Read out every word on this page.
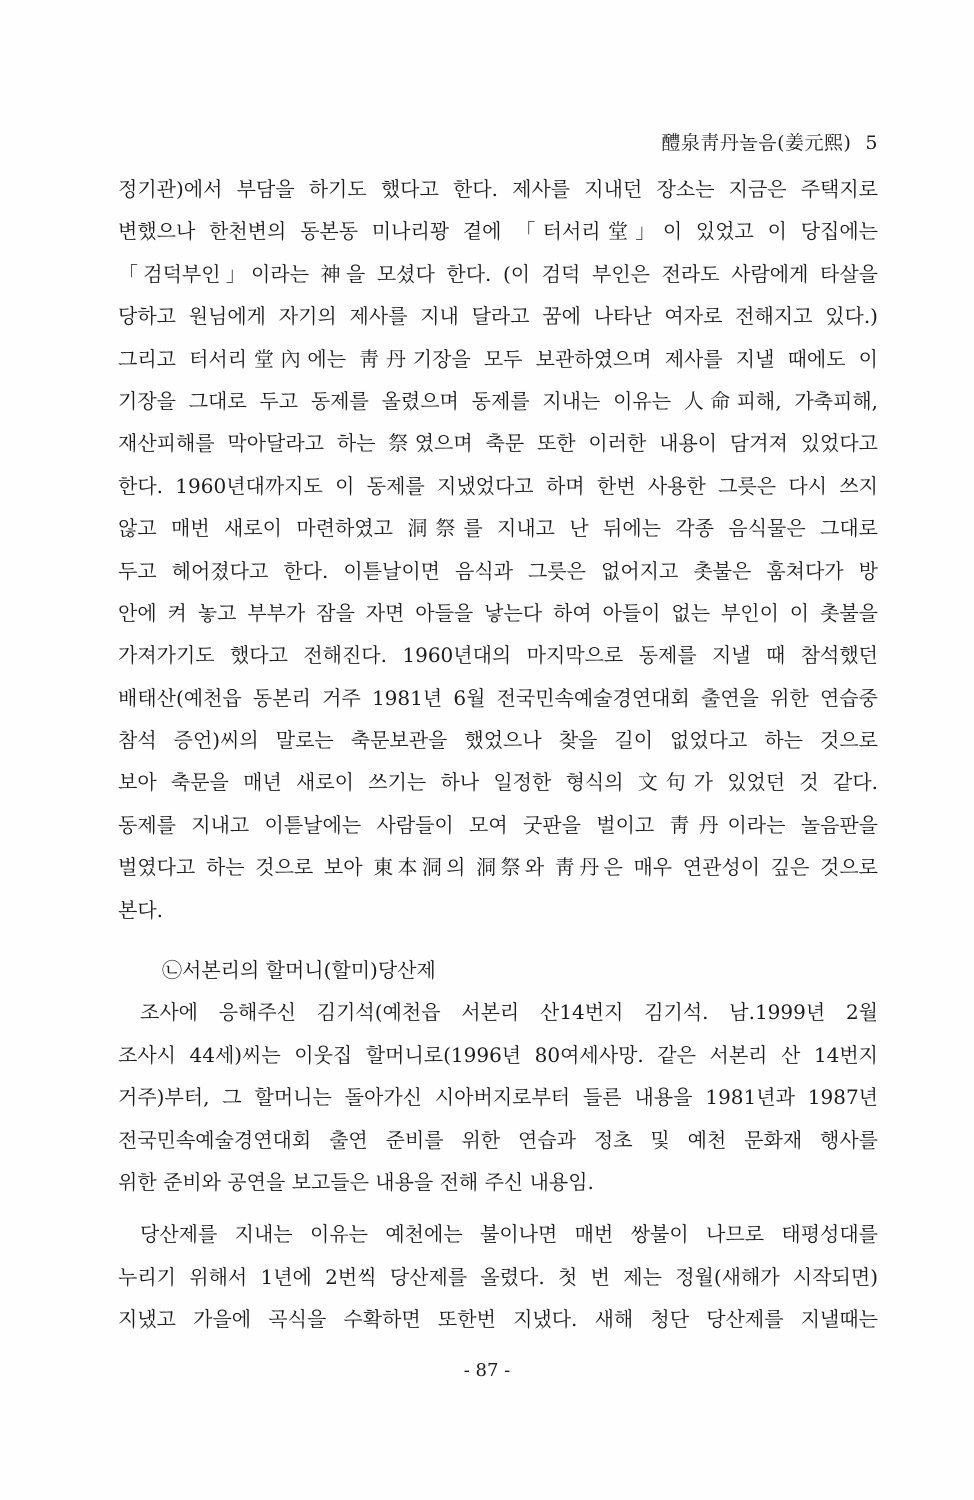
醴泉靑丹놀음(姜元熙) 5
정기관)에서 부담을 하기도 했다고 한다. 제사를 지내던 장소는 지금은 주택지로
변했으나 한천변의 동본동 미나리꽝 곁에 「터서리堂」이 있었고 이 당집에는
「검덕부인」이라는 神을 모셨다 한다. (이 검덕 부인은 전라도 사람에게 타살을
당하고 원님에게 자기의 제사를 지내 달라고 꿈에 나타난 여자로 전해지고 있다.)
그리고 터서리堂內에는 靑丹기장을 모두 보관하였으며 제사를 지낼 때에도 이
기장을 그대로 두고 동제를 올렸으며 동제를 지내는 이유는 人命피해, 가축피해,
재산피해를 막아달라고 하는 祭였으며 축문 또한 이러한 내용이 담겨져 있었다고
한다. 1960년대까지도 이 동제를 지냈었다고 하며 한번 사용한 그릇은 다시 쓰지
않고 매번 새로이 마련하였고 洞祭를 지내고 난 뒤에는 각종 음식물은 그대로
두고 헤어졌다고 한다. 이튿날이면 음식과 그릇은 없어지고 촛불은 훔쳐다가 방
안에 켜 놓고 부부가 잠을 자면 아들을 낳는다 하여 아들이 없는 부인이 이 촛불을
가져가기도 했다고 전해진다. 1960년대의 마지막으로 동제를 지낼 때 참석했던
배태산(예천읍 동본리 거주 1981년 6월 전국민속예술경연대회 출연을 위한 연습중
참석 증언)씨의 말로는 축문보관을 했었으나 찾을 길이 없었다고 하는 것으로
보아 축문을 매년 새로이 쓰기는 하나 일정한 형식의 文句가 있었던 것 같다.
동제를 지내고 이튿날에는 사람들이 모여 굿판을 벌이고 靑丹이라는 놀음판을
벌였다고 하는 것으로 보아 東本洞의 洞祭와 靑丹은 매우 연관성이 깊은 것으로
본다.
㉡서본리의 할머니(할미)당산제
조사에 응해주신 김기석(예천읍 서본리 산14번지 김기석. 남.1999년 2월
조사시 44세)씨는 이웃집 할머니로(1996년 80여세사망. 같은 서본리 산 14번지
거주)부터, 그 할머니는 돌아가신 시아버지로부터 들른 내용을 1981년과 1987년
전국민속예술경연대회 출연 준비를 위한 연습과 정초 및 예천 문화재 행사를
위한 준비와 공연을 보고들은 내용을 전해 주신 내용임.
당산제를 지내는 이유는 예천에는 불이나면 매번 쌍불이 나므로 태평성대를
누리기 위해서 1년에 2번씩 당산제를 올렸다. 첫 번 제는 정월(새해가 시작되면)
지냈고 가을에 곡식을 수확하면 또한번 지냈다. 새해 청단 당산제를 지낼때는
- 87 -
